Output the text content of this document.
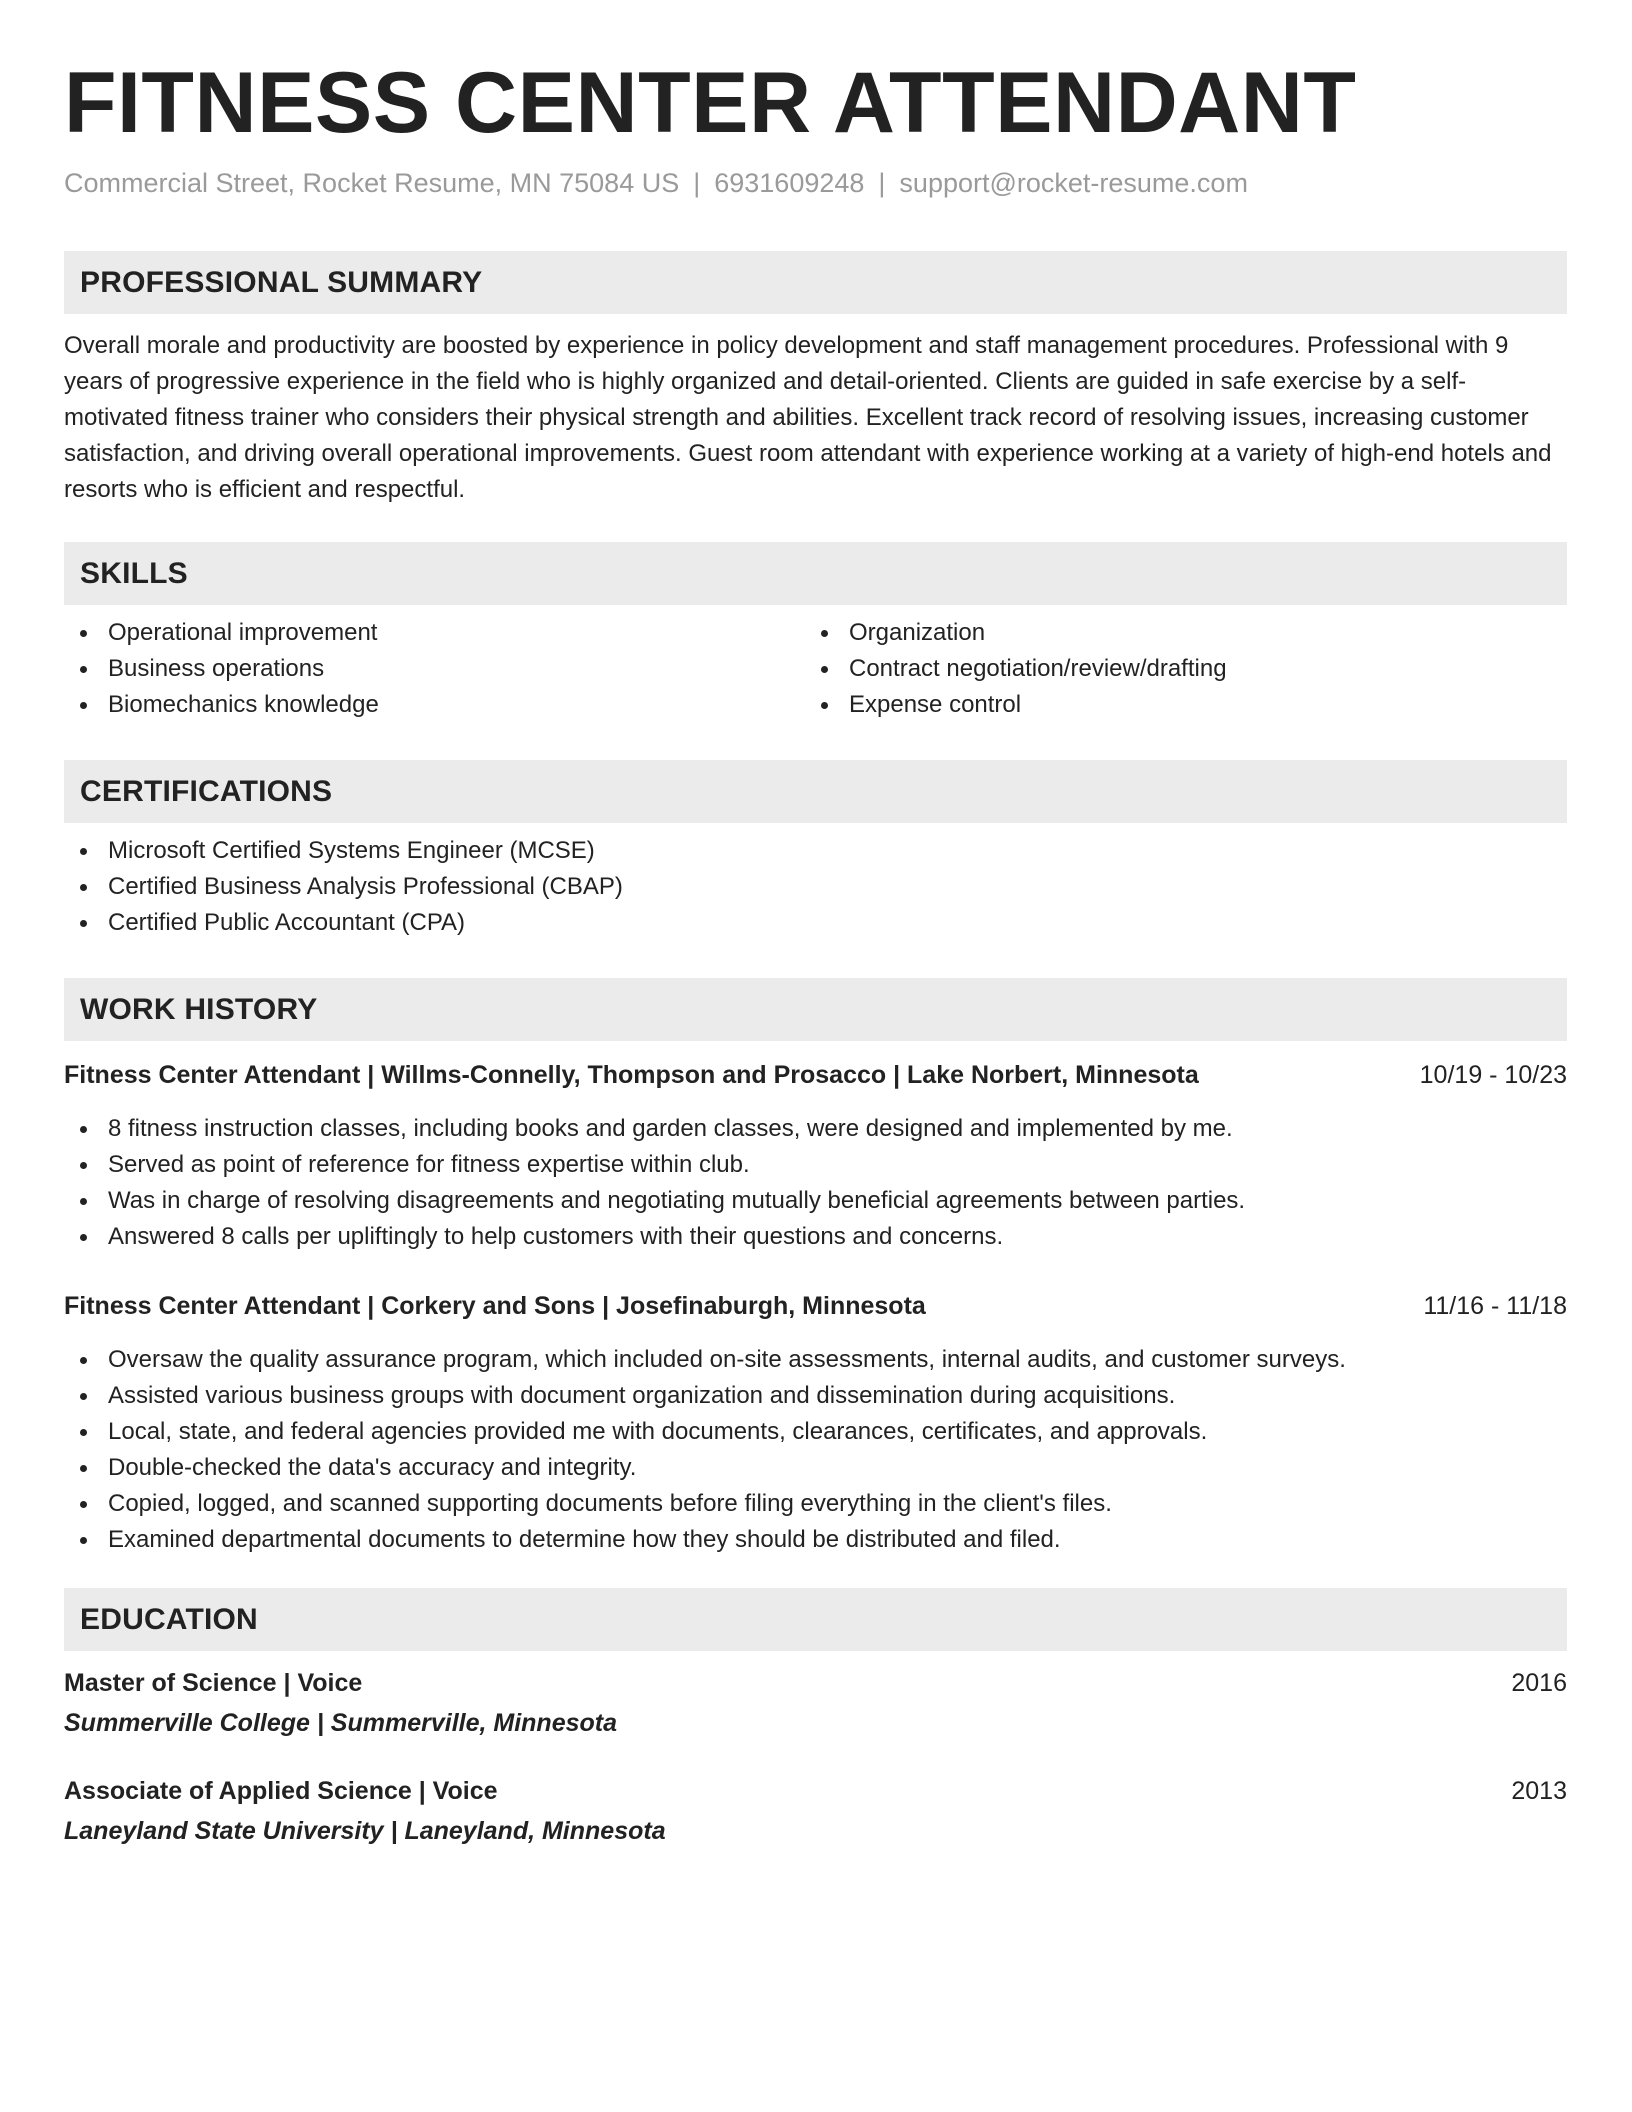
FITNESS CENTER ATTENDANT
Commercial Street, Rocket Resume, MN 75084 US | 6931609248 | support@rocket-resume.com
PROFESSIONAL SUMMARY

Overall morale and productivity are boosted by experience in policy development and staff management procedures. Professional with 9 years of progressive experience in the field who is highly organized and detail-oriented. Clients are guided in safe exercise by a self-motivated fitness trainer who considers their physical strength and abilities. Excellent track record of resolving issues, increasing customer satisfaction, and driving overall operational improvements. Guest room attendant with experience working at a variety of high-end hotels and resorts who is efficient and respectful.

SKILLS
Operational improvement
Business operations
Biomechanics knowledge
Organization
Contract negotiation/review/drafting
Expense control
CERTIFICATIONS
Microsoft Certified Systems Engineer (MCSE)
Certified Business Analysis Professional (CBAP)
Certified Public Accountant (CPA)
WORK HISTORY
Fitness Center Attendant | Willms-Connelly, Thompson and Prosacco | Lake Norbert, Minnesota	10/19 - 10/23
8 fitness instruction classes, including books and garden classes, were designed and implemented by me.
Served as point of reference for fitness expertise within club.
Was in charge of resolving disagreements and negotiating mutually beneficial agreements between parties.
Answered 8 calls per upliftingly to help customers with their questions and concerns.
Fitness Center Attendant | Corkery and Sons | Josefinaburgh, Minnesota	11/16 - 11/18
Oversaw the quality assurance program, which included on-site assessments, internal audits, and customer surveys.
Assisted various business groups with document organization and dissemination during acquisitions.
Local, state, and federal agencies provided me with documents, clearances, certificates, and approvals.
Double-checked the data's accuracy and integrity.
Copied, logged, and scanned supporting documents before filing everything in the client's files.
Examined departmental documents to determine how they should be distributed and filed.
EDUCATION
Master of Science | Voice	2016
Summerville College | Summerville, Minnesota
Associate of Applied Science | Voice	2013
Laneyland State University | Laneyland, Minnesota
